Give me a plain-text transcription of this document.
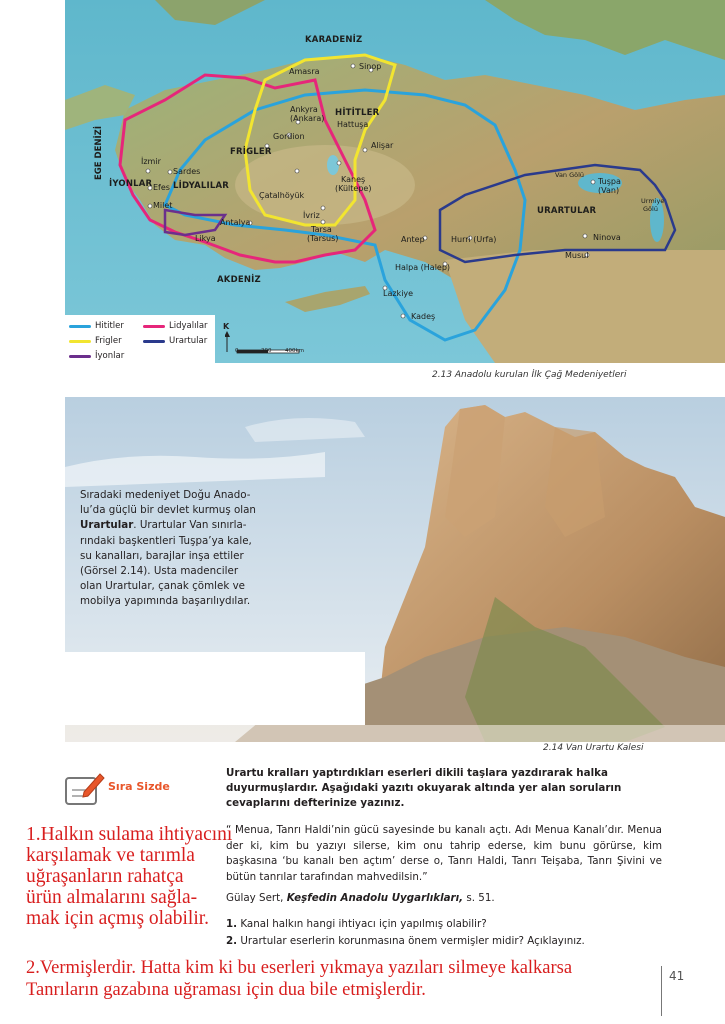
KARADENİZ
Sinop
Amasra
Ankyra
(Ankara)
HİTİTLER
Hattuşa
Gordion
FRİGLER
Alişar
İzmir
Sardes
İYONLAR Efes LİDYALILAR
Milet
Çatalhöyük
Kaneş
(Kültepe)
İvriz
Tarsa
(Tarsus)
Antalya
Likya	Antep	Hurri (Urfa)
Halpa (Halep)
Lazkiye
Kadeş
Van Gölü
Tuşpa
(Van)
Urmiye
Gölü
URARTULAR
Ninova
Musul
AKDENİZ
EGE DENİZİ
Hititler	Lidyalılar
Frigler	Urartular
İyonlar
K
0	200 400km
2.13 Anadolu kurulan İlk Çağ Medeniyetleri
Sıradaki medeniyet Doğu Anado-
lu’da güçlü bir devlet kurmuş olan
Urartular. Urartular Van sınırla-
rındaki başkentleri Tuşpa’ya kale,
su kanalları, barajlar inşa ettiler
(Görsel 2.14). Usta madenciler
olan Urartular, çanak çömlek ve
mobilya yapımında başarılıydılar.
2.14 Van Urartu Kalesi
Sıra Sizde
Urartu kralları yaptırdıkları eserleri dikili taşlara yazdırarak halka duyurmuşlardır. Aşağıdaki yazıtı okuyarak altında yer alan soruların cevaplarını defterinize yazınız.
“ Menua, Tanrı Haldi’nin gücü sayesinde bu kanalı açtı. Adı Menua Kanalı’dır. Menua der ki, kim bu yazıyı silerse, kim onu tahrip ederse, kim bunu görürse, kim başkasına ‘bu kanalı ben açtım’ derse o, Tanrı Haldi, Tanrı Teişaba, Tanrı Şivini ve bütün tanrılar tarafından mahvedilsin.”
Gülay Sert, Keşfedin Anadolu Uygarlıkları, s. 51.
1. Kanal halkın hangi ihtiyacı için yapılmış olabilir?
2. Urartular eserlerin korunmasına önem vermişler midir? Açıklayınız.
1.Halkın sulama ihtiyacını
karşılamak ve tarımla
uğraşanların rahatça
ürün almalarını sağla-
mak için açmış olabilir.
2.Vermişlerdir. Hatta kim ki bu eserleri yıkmaya yazıları silmeye kalkarsa
Tanrıların gazabına uğraması için dua bile etmişlerdir.
41
